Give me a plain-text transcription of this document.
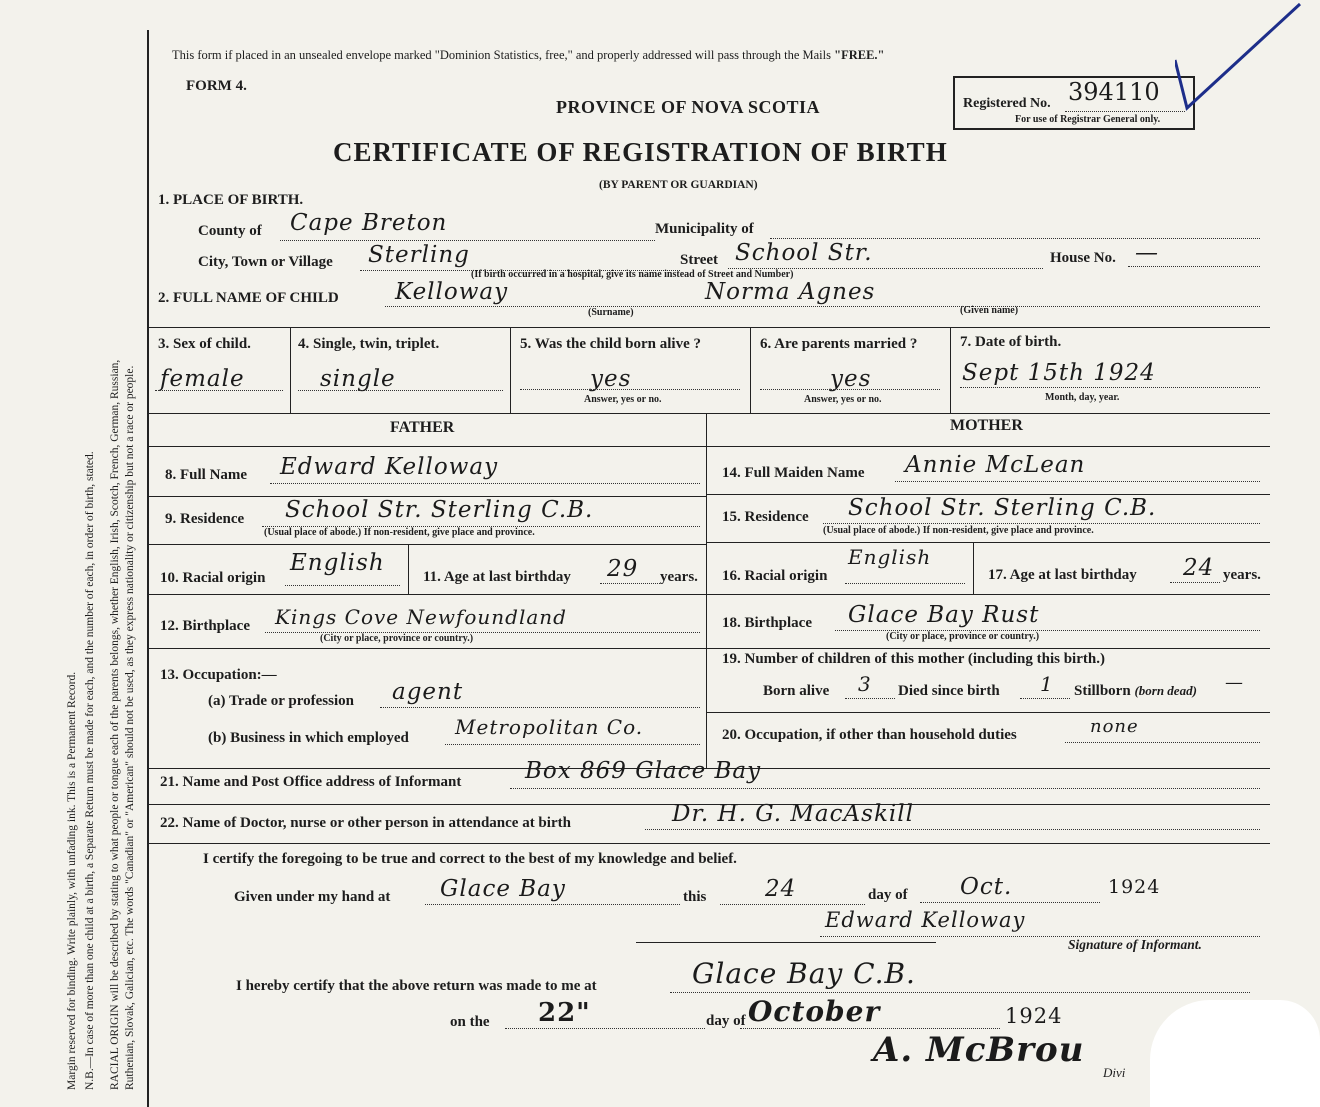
Margin reserved for binding. Write plainly, with unfading ink. This is a Permanent Record. N.B.—In case of more than one child at a birth, a Separate Return must be made for each, and the number of each, in order of birth, stated. RACIAL ORIGIN will be described by stating to what people or tongue each of the parents belongs, whether English, Irish, Scotch, French, German, Russian, Ruthenian, Slovak, Galician, etc. The words "Canadian" or "American" should not be used, as they express nationality or citizenship but not a race or people.
This form if placed in an unsealed envelope marked "Dominion Statistics, free," and properly addressed will pass through the Mails "FREE."
FORM 4.
PROVINCE OF NOVA SCOTIA	Registered No. 394110
For use of Registrar General only.
CERTIFICATE OF REGISTRATION OF BIRTH
(BY PARENT OR GUARDIAN)
1. PLACE OF BIRTH.
County of Cape Breton	Municipality of
City, Town or Village Sterling	Street School Str.
(If birth occurred in a hospital, give its name instead of Street and Number)
House No. —
2. FULL NAME OF CHILD Kelloway	Norma Agnes
(Surname)	(Given name)
3. Sex of child.
female
4. Single, twin, triplet.
single
5. Was the child born alive ?
yes
Answer, yes or no.
6. Are parents married ?
yes
Answer, yes or no.
7. Date of birth.
Sept 15th 1924
Month, day, year.
FATHER	MOTHER
8. Full Name Edward Kelloway
9. Residence School Str. Sterling C.B.
(Usual place of abode.) If non-resident, give place and province.
10. Racial origin
English
11. Age at last birthday 29 years.
12. Birthplace Kings Cove Newfoundland
(City or place, province or country.)
13. Occupation:—
(a) Trade or profession agent
(b) Business in which employed Metropolitan Co.
14. Full Maiden Name Annie McLean
15. Residence School Str. Sterling C.B.
(Usual place of abode.) If non-resident, give place and province.
16. Racial origin
English
17. Age at last birthday 24 years.
18. Birthplace Glace Bay Rust
(City or place, province or country.)
19. Number of children of this mother (including this birth.)
Born alive 3 Died since birth 1 Stillborn (born dead) —
20. Occupation, if other than household duties	none
21. Name and Post Office address of Informant	Box 869 Glace Bay
22. Name of Doctor, nurse or other person in attendance at birth	Dr. H. G. MacAskill
I certify the foregoing to be true and correct to the best of my knowledge and belief.
Given under my hand at Glace Bay	this	24	day of Oct.	1924
Edward Kelloway
Signature of Informant.
I hereby certify that the above return was made to me at	Glace Bay C.B.
on the 22"	day of October	1924
A. McBrou
Divi
